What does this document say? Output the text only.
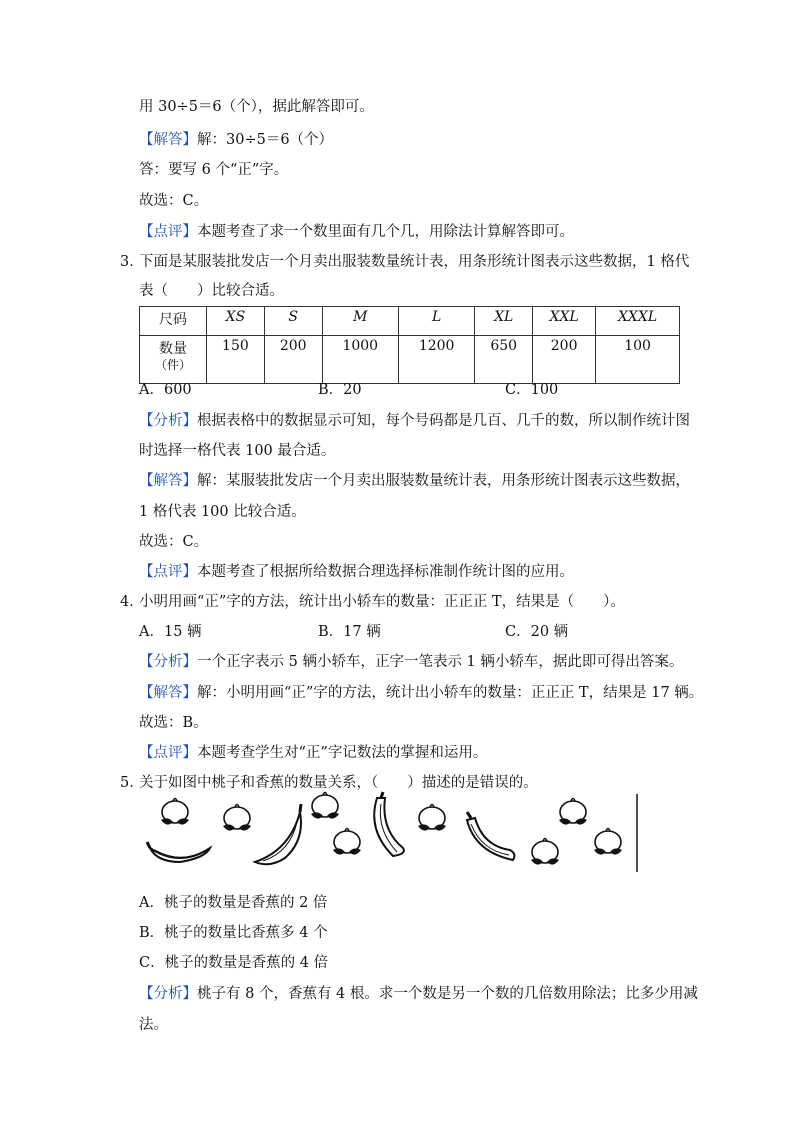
用 30÷5＝6（个），据此解答即可。
【解答】解：30÷5＝6（个）
答：要写 6 个“正”字。
故选：C。
【点评】本题考查了求一个数里面有几个几，用除法计算解答即可。
3．
下面是某服装批发店一个月卖出服装数量统计表，用条形统计图表示这些数据，1 格代
表（　　）比较合适。
尺码	XS	S	M	L	XL	XXL	XXXL

数量
（件）	150	200	1000	1200	650	200	100
A．600	B．20	C．100
【分析】根据表格中的数据显示可知，每个号码都是几百、几千的数，所以制作统计图
时选择一格代表 100 最合适。
【解答】解：某服装批发店一个月卖出服装数量统计表，用条形统计图表示这些数据，
1 格代表 100 比较合适。
故选：C。
【点评】本题考查了根据所给数据合理选择标准制作统计图的应用。
4．
小明用画“正”字的方法，统计出小轿车的数量：正正正 T，结果是（　　）。
A．15 辆	B．17 辆	C．20 辆
【分析】一个正字表示 5 辆小轿车，正字一笔表示 1 辆小轿车，据此即可得出答案。
【解答】解：小明用画“正”字的方法，统计出小轿车的数量：正正正 T，结果是 17 辆。
故选：B。
【点评】本题考查学生对“正”字记数法的掌握和运用。
5．
关于如图中桃子和香蕉的数量关系，（　　）描述的是错误的。
A．桃子的数量是香蕉的 2 倍
B．桃子的数量比香蕉多 4 个
C．桃子的数量是香蕉的 4 倍
【分析】桃子有 8 个，香蕉有 4 根。求一个数是另一个数的几倍数用除法；比多少用减
法。
